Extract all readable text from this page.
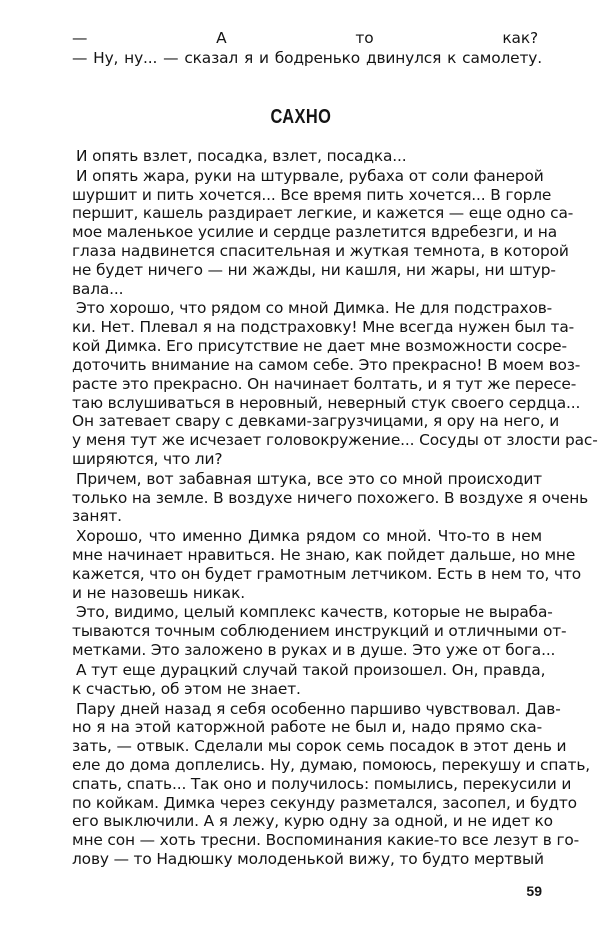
— А то как?
— Ну, ну... — сказал я и бодренько двинулся к самолету.
САХНО
И опять взлет, посадка, взлет, посадка...
И опять жара, руки на штурвале, рубаха от соли фанерой
шуршит и пить хочется... Все время пить хочется... В горле
першит, кашель раздирает легкие, и кажется — еще одно са-
мое маленькое усилие и сердце разлетится вдребезги, и на
глаза надвинется спасительная и жуткая темнота, в которой
не будет ничего — ни жажды, ни кашля, ни жары, ни штур-
вала...
Это хорошо, что рядом со мной Димка. Не для подстрахов-
ки. Нет. Плевал я на подстраховку! Мне всегда нужен был та-
кой Димка. Его присутствие не дает мне возможности сосре-
доточить внимание на самом себе. Это прекрасно! В моем воз-
расте это прекрасно. Он начинает болтать, и я тут же пересе-
таю вслушиваться в неровный, неверный стук своего сердца...
Он затевает свару с девками-загрузчицами, я ору на него, и
у меня тут же исчезает головокружение... Сосуды от злости рас-
ширяются, что ли?
Причем, вот забавная штука, все это со мной происходит
только на земле. В воздухе ничего похожего. В воздухе я очень
занят.
Хорошо, что именно Димка рядом со мной. Что-то в нем
мне начинает нравиться. Не знаю, как пойдет дальше, но мне
кажется, что он будет грамотным летчиком. Есть в нем то, что
и не назовешь никак.
Это, видимо, целый комплекс качеств, которые не выраба-
тываются точным соблюдением инструкций и отличными от-
метками. Это заложено в руках и в душе. Это уже от бога...
А тут еще дурацкий случай такой произошел. Он, правда,
к счастью, об этом не знает.
Пару дней назад я себя особенно паршиво чувствовал. Дав-
но я на этой каторжной работе не был и, надо прямо ска-
зать, — отвык. Сделали мы сорок семь посадок в этот день и
еле до дома доплелись. Ну, думаю, помоюсь, перекушу и спать,
спать, спать... Так оно и получилось: помылись, перекусили и
по койкам. Димка через секунду разметался, засопел, и будто
его выключили. А я лежу, курю одну за одной, и не идет ко
мне сон — хоть тресни. Воспоминания какие-то все лезут в го-
лову — то Надюшку молоденькой вижу, то будто мертвый
59
